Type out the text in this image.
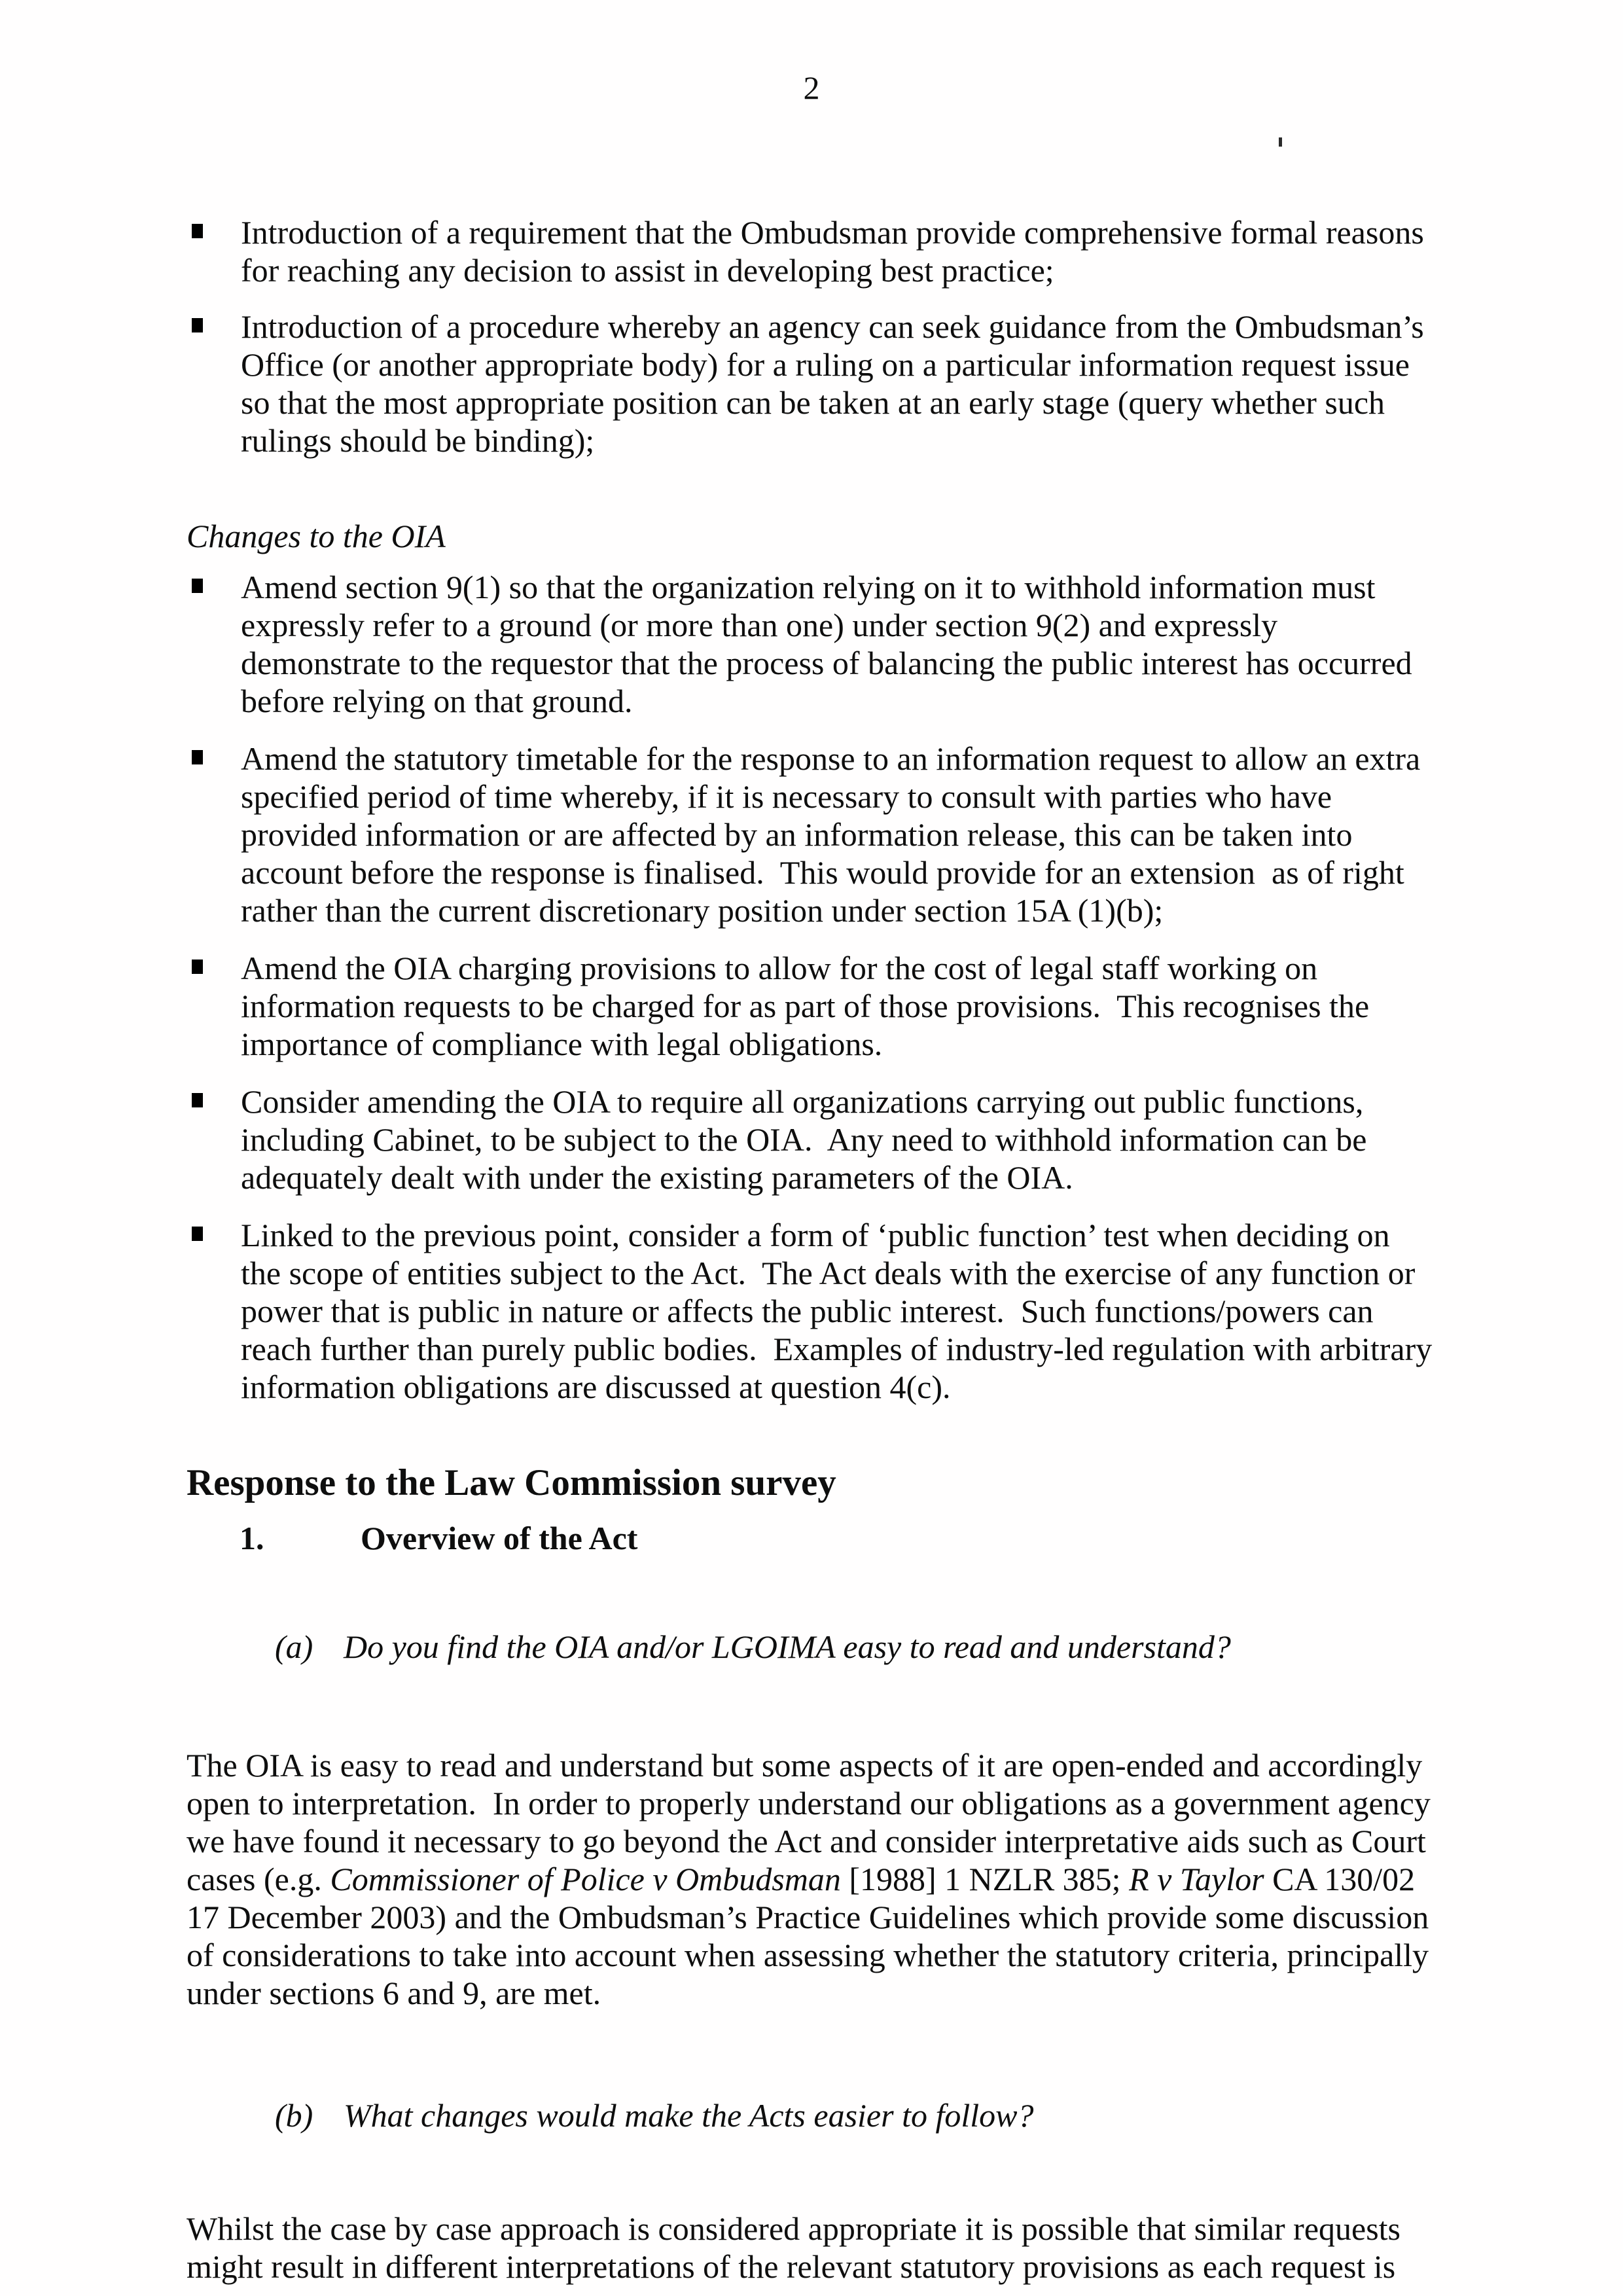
2
Introduction of a requirement that the Ombudsman provide comprehensive formal reasons for reaching any decision to assist in developing best practice;
Introduction of a procedure whereby an agency can seek guidance from the Ombudsman’s Office (or another appropriate body) for a ruling on a particular information request issue so that the most appropriate position can be taken at an early stage (query whether such rulings should be binding);
Changes to the OIA
Amend section 9(1) so that the organization relying on it to withhold information must expressly refer to a ground (or more than one) under section 9(2) and expressly demonstrate to the requestor that the process of balancing the public interest has occurred before relying on that ground.
Amend the statutory timetable for the response to an information request to allow an extra specified period of time whereby, if it is necessary to consult with parties who have provided information or are affected by an information release, this can be taken into account before the response is finalised.  This would provide for an extension  as of right rather than the current discretionary position under section 15A (1)(b);
Amend the OIA charging provisions to allow for the cost of legal staff working on information requests to be charged for as part of those provisions.  This recognises the importance of compliance with legal obligations.
Consider amending the OIA to require all organizations carrying out public functions, including Cabinet, to be subject to the OIA.  Any need to withhold information can be adequately dealt with under the existing parameters of the OIA.
Linked to the previous point, consider a form of ‘public function’ test when deciding on the scope of entities subject to the Act.  The Act deals with the exercise of any function or power that is public in nature or affects the public interest.  Such functions/powers can reach further than purely public bodies.  Examples of industry-led regulation with arbitrary information obligations are discussed at question 4(c).
Response to the Law Commission survey
1.	Overview of the Act

(a) Do you find the OIA and/or LGOIMA easy to read and understand?

The OIA is easy to read and understand but some aspects of it are open-ended and accordingly open to interpretation.  In order to properly understand our obligations as a government agency we have found it necessary to go beyond the Act and consider interpretative aids such as Court cases (e.g. Commissioner of Police v Ombudsman [1988] 1 NZLR 385; R v Taylor CA 130/02 17 December 2003) and the Ombudsman’s Practice Guidelines which provide some discussion of considerations to take into account when assessing whether the statutory criteria, principally under sections 6 and 9, are met.

(b) What changes would make the Acts easier to follow?

Whilst the case by case approach is considered appropriate it is possible that similar requests might result in different interpretations of the relevant statutory provisions as each request is
